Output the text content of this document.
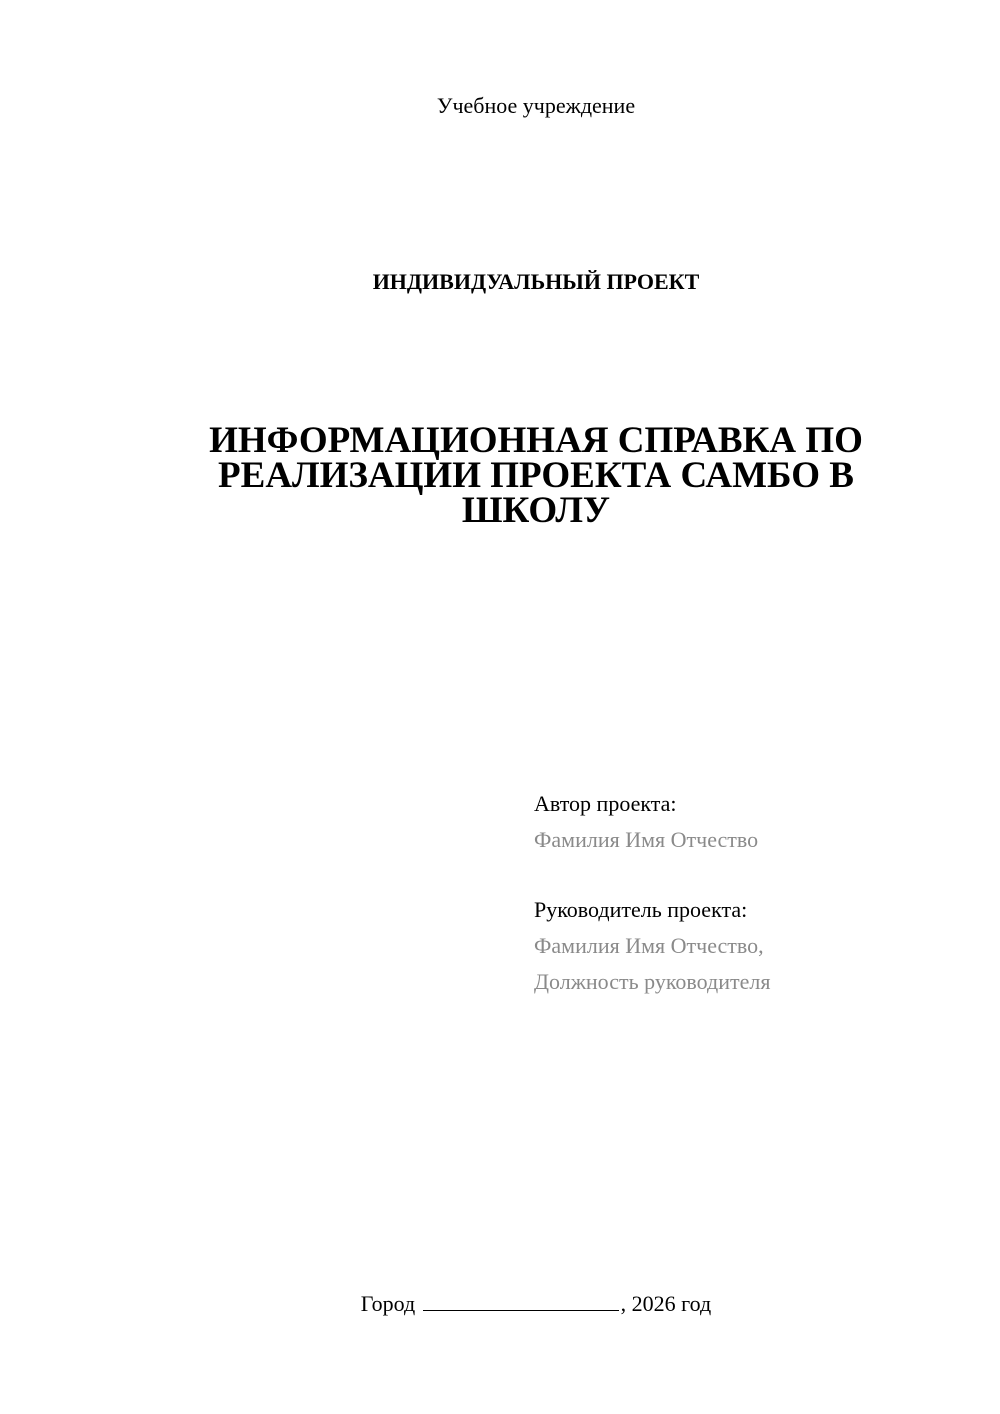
Учебное учреждение
ИНДИВИДУАЛЬНЫЙ ПРОЕКТ
ИНФОРМАЦИОННАЯ СПРАВКА ПО
РЕАЛИЗАЦИИ ПРОЕКТА САМБО В
ШКОЛУ
Автор проекта:
Фамилия Имя Отчество
Руководитель проекта:
Фамилия Имя Отчество,
Должность руководителя
Город	, 2026 год
